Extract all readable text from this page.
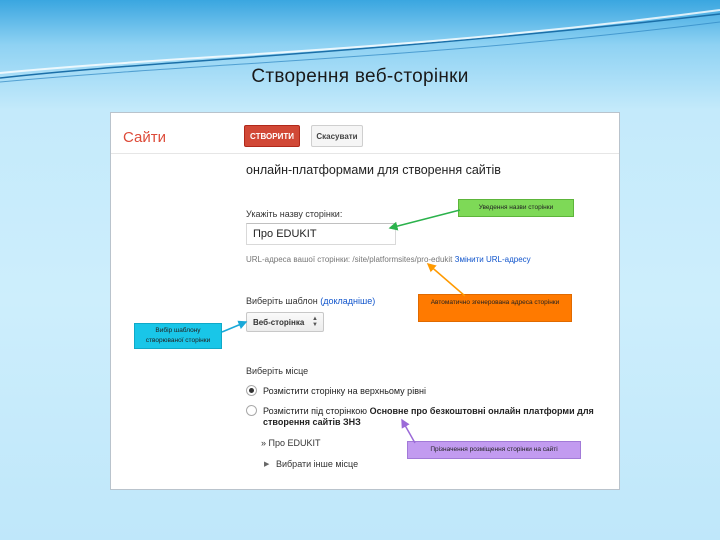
Створення веб-сторінки
Сайти	СТВОРИТИ	Скасувати
онлайн-платформами для створення сайтів
Укажіть назву сторінки:
Про EDUKIT
URL-адреса вашої сторінки: /site/platformsites/pro-edukit Змінити URL-адресу
Виберіть шаблон (докладніше)
Веб-сторінка ▲
▼
Виберіть місце
Розмістити сторінку на верхньому рівні
Розмістити під сторінкою Основне про безкоштовні онлайн платформи для створення сайтів ЗНЗ
» Про EDUKIT
▶ Вибрати інше місце
Уведення назви сторінки
Автоматично згенерована адреса сторінки
Вибір шаблону створюваної сторінки
Прізначення розміщення сторінки на сайті
